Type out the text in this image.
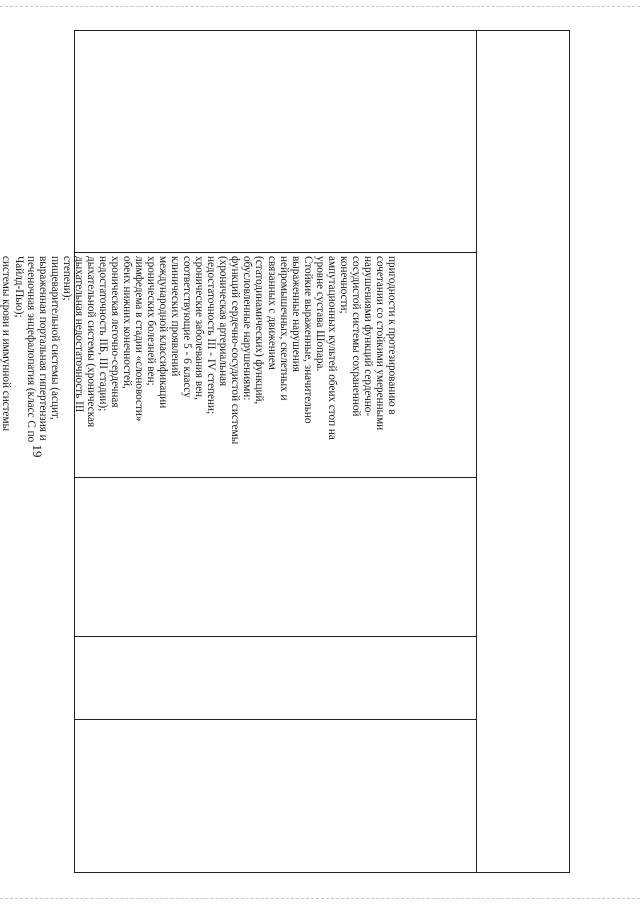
19
пригодности к протезированию в
сочетании со стойкими умеренными
нарушениями функций сердечно-
сосудистой системы сохраненной
конечности;
ампутационных культей обеих стоп на
уровне сустава Шопара.
Стойкие выраженные, значительно
выраженные нарушения
нейромышечных, скелетных и
связанных с движением
(статодинамических) функций,
обусловленные нарушениями:
функций сердечно-сосудистой системы
(хроническая артериальная
недостаточность III - IV степени;
хронические заболевания вен,
соответствующие 5 - 6 классу
клинических проявлений
международной классификации
хронических болезней вен;
лимфедема в стадии «слоновости»
обеих нижних конечностей,
хроническая легочно-сердечная
недостаточность IIБ, III стадии);
дыхательной системы (хроническая
дыхательная недостаточность III
степени);
пищеварительной системы (асцит,
выраженная портальная гипертензия и
печеночная энцефалопатия (класс С по
Чайлд-Пью);
системы крови и иммунной системы
